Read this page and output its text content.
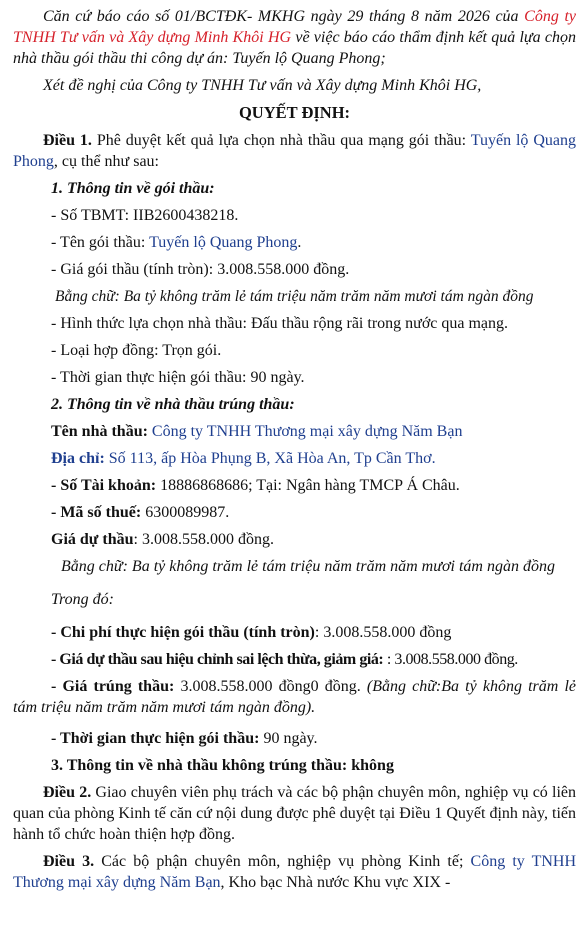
Căn cứ báo cáo số 01/BCTĐK- MKHG ngày 29 tháng 8 năm 2026 của Công ty TNHH Tư vấn và Xây dựng Minh Khôi HG về việc báo cáo thẩm định kết quả lựa chọn nhà thầu gói thầu thi công dự án: Tuyến lộ Quang Phong;

Xét đề nghị của Công ty TNHH Tư vấn và Xây dựng Minh Khôi HG,

QUYẾT ĐỊNH:

Điều 1. Phê duyệt kết quả lựa chọn nhà thầu qua mạng gói thầu: Tuyến lộ Quang Phong, cụ thể như sau:

1. Thông tin về gói thầu:

- Số TBMT: IIB2600438218.

- Tên gói thầu: Tuyến lộ Quang Phong.

- Giá gói thầu (tính tròn): 3.008.558.000 đồng.

Bằng chữ: Ba tỷ không trăm lẻ tám triệu năm trăm năm mươi tám ngàn đồng

- Hình thức lựa chọn nhà thầu: Đấu thầu rộng rãi trong nước qua mạng.

- Loại hợp đồng: Trọn gói.

- Thời gian thực hiện gói thầu: 90 ngày.

2. Thông tin về nhà thầu trúng thầu:

Tên nhà thầu: Công ty TNHH Thương mại xây dựng Năm Bạn

Địa chỉ: Số 113, ấp Hòa Phụng B, Xã Hòa An, Tp Cần Thơ.

- Số Tài khoản: 18886868686; Tại: Ngân hàng TMCP Á Châu.

- Mã số thuế: 6300089987.

Giá dự thầu: 3.008.558.000 đồng.

Bằng chữ: Ba tỷ không trăm lẻ tám triệu năm trăm năm mươi tám ngàn đồng

Trong đó:

- Chi phí thực hiện gói thầu (tính tròn): 3.008.558.000 đồng

- Giá dự thầu sau hiệu chỉnh sai lệch thừa, giảm giá: : 3.008.558.000 đồng.

- Giá trúng thầu: 3.008.558.000 đồng0 đồng. (Bằng chữ:Ba tỷ không trăm lẻ tám triệu năm trăm năm mươi tám ngàn đồng).

- Thời gian thực hiện gói thầu: 90 ngày.

3. Thông tin về nhà thầu không trúng thầu: không

Điều 2. Giao chuyên viên phụ trách và các bộ phận chuyên môn, nghiệp vụ có liên quan của phòng Kinh tế căn cứ nội dung được phê duyệt tại Điều 1 Quyết định này, tiến hành tổ chức hoàn thiện hợp đồng.

Điều 3. Các bộ phận chuyên môn, nghiệp vụ phòng Kinh tế; Công ty TNHH Thương mại xây dựng Năm Bạn, Kho bạc Nhà nước Khu vực XIX -
